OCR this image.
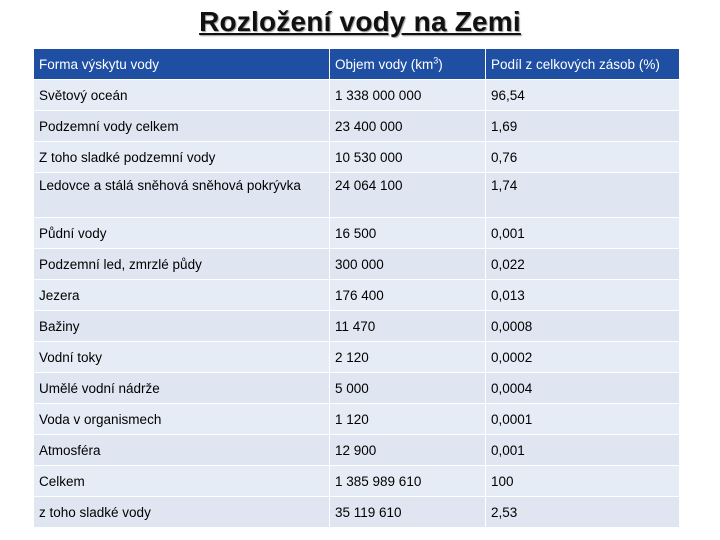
Rozložení vody na Zemi
Forma výskytu vody	Objem vody $(km^3)$	Podíl z celkových zásob (%)
Světový oceán	1 338 000 000	96,54
Podzemní vody celkem	23 400 000	1,69
Z toho sladké podzemní vody	10 530 000	0,76
Ledovce a stálá sněhová sněhová pokrývka	24 064 100	1,74
Půdní vody	16 500	0,001
Podzemní led, zmrzlé půdy	300 000	0,022
Jezera	176 400	0,013
Bažiny	11 470	0,0008
Vodní toky	2 120	0,0002
Umělé vodní nádrže	5 000	0,0004
Voda v organismech	1 120	0,0001
Atmosféra	12 900	0,001
Celkem	1 385 989 610	100
z toho sladké vody	35 119 610	2,53
